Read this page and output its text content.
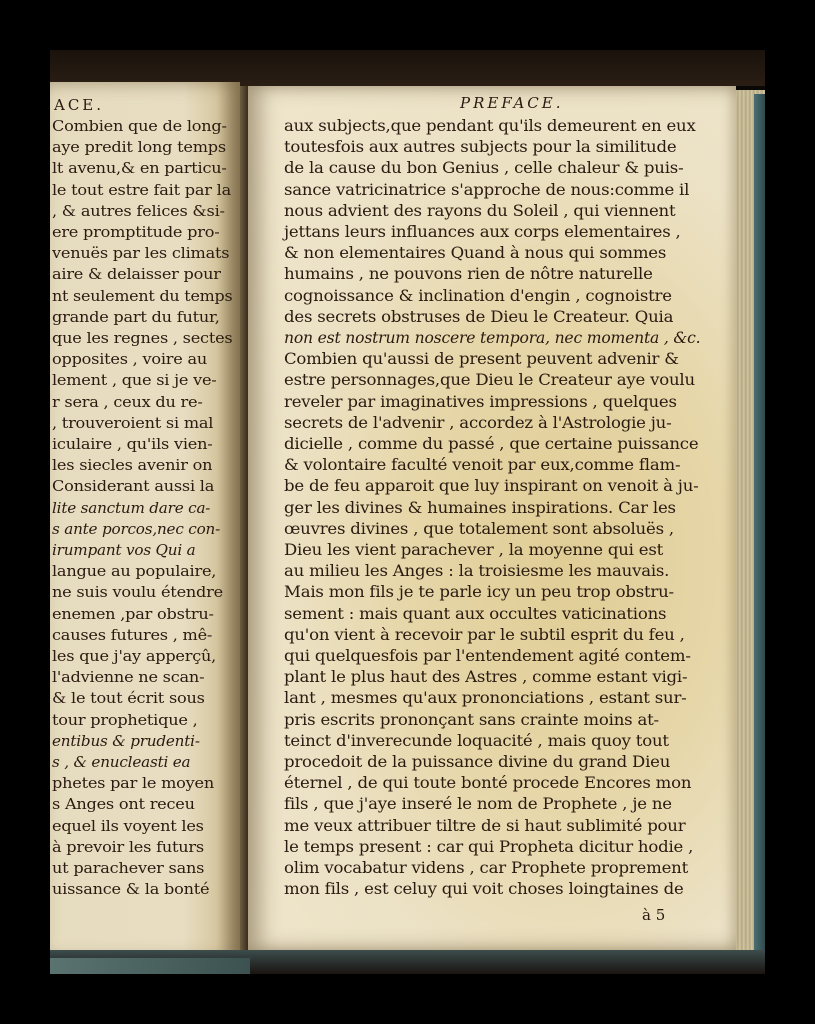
ACE.	PREFACE.
Combien que de long-
aye predit long temps
lt avenu,& en particu-
le tout estre fait par la
, & autres felices &si-
ere promptitude pro-
venuës par les climats
aire & delaisser pour
nt seulement du temps
grande part du futur,
que les regnes , sectes
opposites , voire au
lement , que si je ve-
r sera , ceux du re-
, trouveroient si mal
iculaire , qu'ils vien-
les siecles avenir on
Considerant aussi la
lite sanctum dare ca-
s ante porcos,nec con-
irumpant vos Qui a
langue au populaire,
ne suis voulu étendre
enemen ,par obstru-
causes futures , mê-
les que j'ay apperçû,
l'advienne ne scan-
& le tout écrit sous
tour prophetique ,
entibus & prudenti-
s , & enucleasti ea
phetes par le moyen
s Anges ont receu
equel ils voyent les
à prevoir les futurs
ut parachever sans
uissance & la bonté
aux subjects,que pendant qu'ils demeurent en eux
toutesfois aux autres subjects pour la similitude
de la cause du bon Genius , celle chaleur & puis-
sance vatricinatrice s'approche de nous:comme il
nous advient des rayons du Soleil , qui viennent
jettans leurs influances aux corps elementaires ,
& non elementaires Quand à nous qui sommes
humains , ne pouvons rien de nôtre naturelle
cognoissance & inclination d'engin , cognoistre
des secrets obstruses de Dieu le Createur. Quia
non est nostrum noscere tempora, nec momenta , &c.
Combien qu'aussi de present peuvent advenir &
estre personnages,que Dieu le Createur aye voulu
reveler par imaginatives impressions , quelques
secrets de l'advenir , accordez à l'Astrologie ju-
dicielle , comme du passé , que certaine puissance
& volontaire faculté venoit par eux,comme flam-
be de feu apparoit que luy inspirant on venoit à ju-
ger les divines & humaines inspirations. Car les
œuvres divines , que totalement sont absoluës ,
Dieu les vient parachever , la moyenne qui est
au milieu les Anges : la troisiesme les mauvais.
Mais mon fils je te parle icy un peu trop obstru-
sement : mais quant aux occultes vaticinations
qu'on vient à recevoir par le subtil esprit du feu ,
qui quelquesfois par l'entendement agité contem-
plant le plus haut des Astres , comme estant vigi-
lant , mesmes qu'aux prononciations , estant sur-
pris escrits prononçant sans crainte moins at-
teinct d'inverecunde loquacité , mais quoy tout
procedoit de la puissance divine du grand Dieu
éternel , de qui toute bonté procede Encores mon
fils , que j'aye inseré le nom de Prophete , je ne
me veux attribuer tiltre de si haut sublimité pour
le temps present : car qui Propheta dicitur hodie ,
olim vocabatur videns , car Prophete proprement
mon fils , est celuy qui voit choses loingtaines de
à 5
